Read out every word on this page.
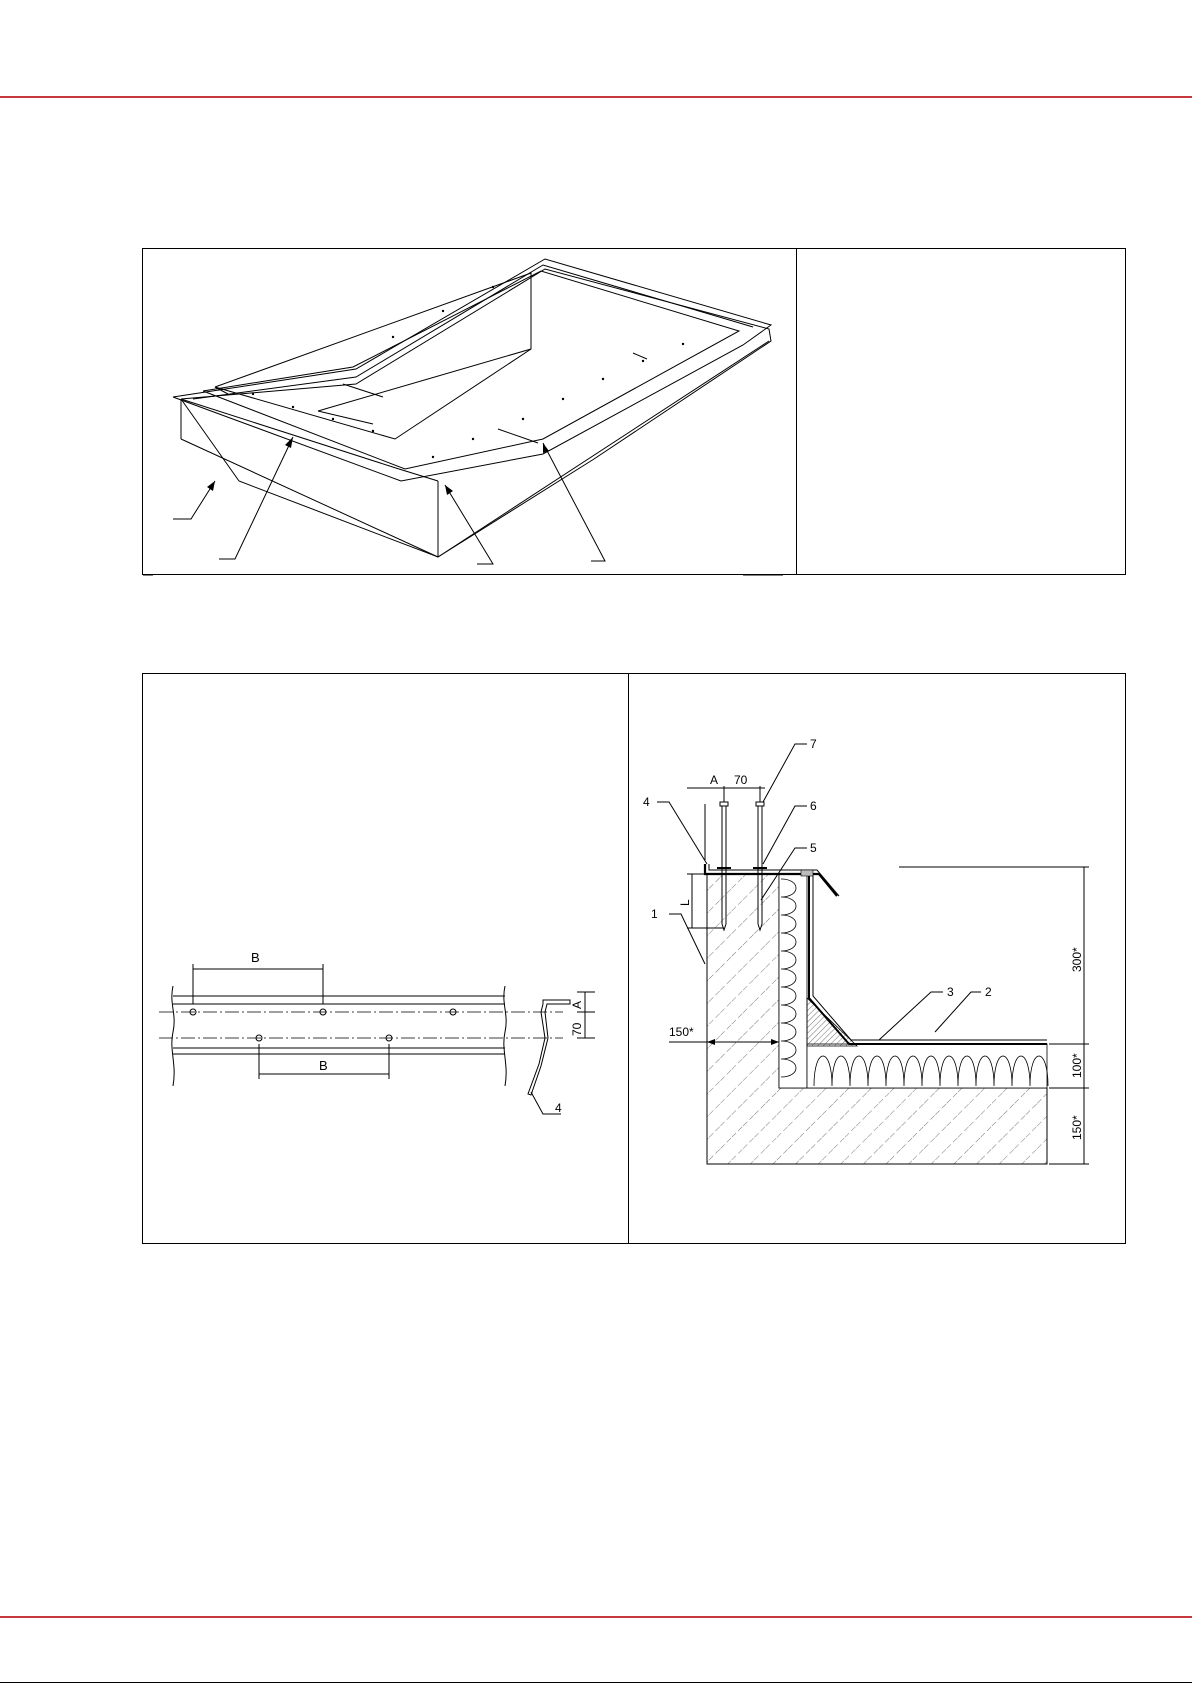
B
B
A
70
4
A 70
L
150*
300*
100*
150*
1
2
3
4
5
6
7
